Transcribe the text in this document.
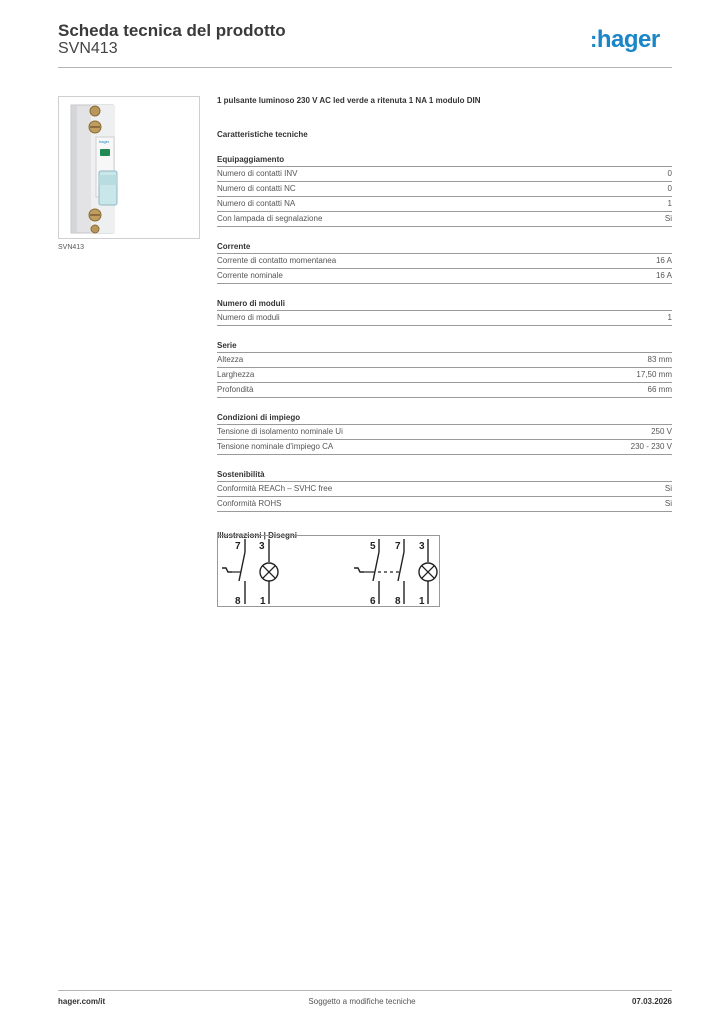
Scheda tecnica del prodotto
SVN413	:hager
hager
SVN413
1 pulsante luminoso 230 V AC led verde a ritenuta 1 NA 1 modulo DIN
Caratteristiche tecniche
Equipaggiamento
Numero di contatti INV	0
Numero di contatti NC	0
Numero di contatti NA	1
Con lampada di segnalazione	Si
Corrente
Corrente di contatto momentanea	16 A
Corrente nominale	16 A
Numero di moduli
Numero di moduli	1
Serie
Altezza	83 mm
Larghezza	17,50 mm
Profondità	66 mm
Condizioni di impiego
Tensione di isolamento nominale Ui	250 V
Tensione nominale d'impiego CA	230 - 230 V
Sostenibilità
Conformità REACh – SVHC free	Si
Conformità ROHS	Si
Illustrazioni | Disegni
7 3
8 1
5 7 3
6 8 1
hager.com/it	Soggetto a modifiche tecniche	07.03.2026
